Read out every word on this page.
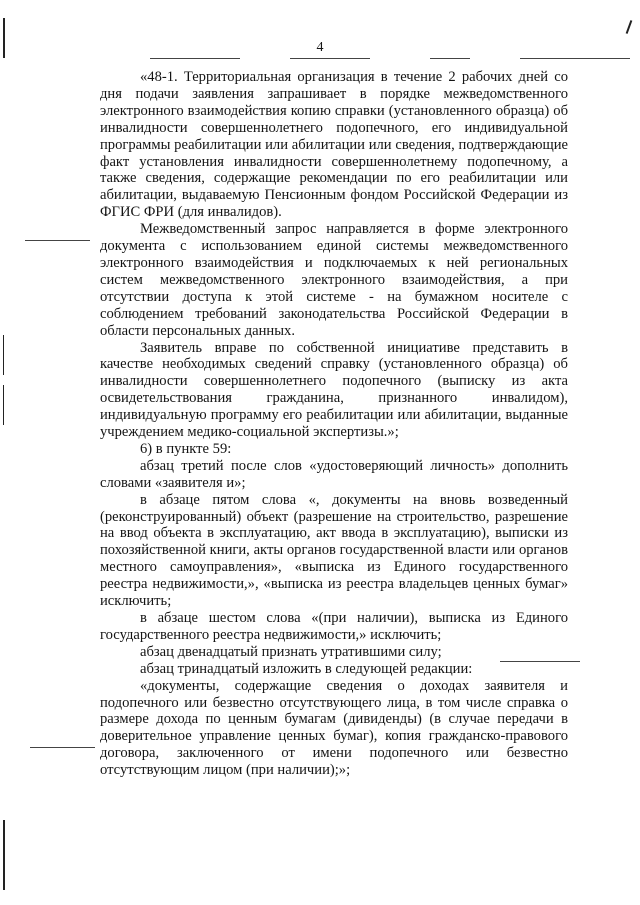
4

«48-1. Территориальная организация в течение 2 рабочих дней со дня подачи заявления запрашивает в порядке межведомственного электронного взаимодействия копию справки (установленного образца) об инвалидности совершеннолетнего подопечного, его индивидуальной программы реабилитации или абилитации или сведения, подтверждающие факт установления инвалидности совершеннолетнему подопечному, а также сведения, содержащие рекомендации по его реабилитации или абилитации, выдаваемую Пенсионным фондом Российской Федерации из ФГИС ФРИ (для инвалидов).

Межведомственный запрос направляется в форме электронного документа с использованием единой системы межведомственного электронного взаимодействия и подключаемых к ней региональных систем межведомственного электронного взаимодействия, а при отсутствии доступа к этой системе - на бумажном носителе с соблюдением требований законодательства Российской Федерации в области персональных данных.

Заявитель вправе по собственной инициативе представить в качестве необходимых сведений справку (установленного образца) об инвалидности совершеннолетнего подопечного (выписку из акта освидетельствования гражданина, признанного инвалидом), индивидуальную программу его реабилитации или абилитации, выданные учреждением медико-социальной экспертизы.»;

6) в пункте 59:

абзац третий после слов «удостоверяющий личность» дополнить словами «заявителя и»;

в абзаце пятом слова «, документы на вновь возведенный (реконструированный) объект (разрешение на строительство, разрешение на ввод объекта в эксплуатацию, акт ввода в эксплуатацию), выписки из похозяйственной книги, акты органов государственной власти или органов местного самоуправления», «выписка из Единого государственного реестра недвижимости,», «выписка из реестра владельцев ценных бумаг» исключить;

в абзаце шестом слова «(при наличии), выписка из Единого государственного реестра недвижимости,» исключить;

абзац двенадцатый признать утратившими силу;

абзац тринадцатый изложить в следующей редакции:

«документы, содержащие сведения о доходах заявителя и подопечного или безвестно отсутствующего лица, в том числе справка о размере дохода по ценным бумагам (дивиденды) (в случае передачи в доверительное управление ценных бумаг), копия гражданско-правового договора, заключенного от имени подопечного или безвестно отсутствующим лицом (при наличии);»;
